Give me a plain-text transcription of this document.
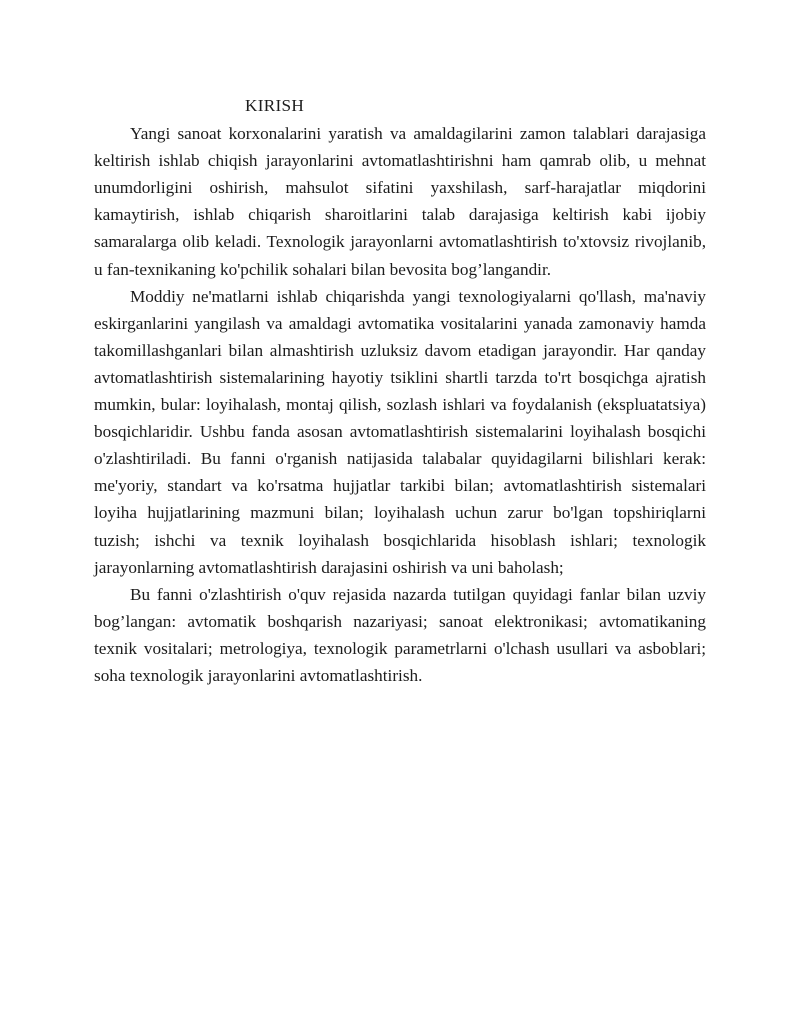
KIRISH

Yangi sanoat korxonalarini yaratish va amaldagilarini zamon talablari darajasiga keltirish ishlab chiqish jarayonlarini avtomatlashtirishni ham qamrab olib, u mehnat unumdorligini oshirish, mahsulot sifatini yaxshilash, sarf-harajatlar miqdorini kamaytirish, ishlab chiqarish sharoitlarini talab darajasiga keltirish kabi ijobiy samaralarga olib keladi. Texnologik jarayonlarni avtomatlashtirish to'xtovsiz rivojlanib, u fan-texnikaning ko'pchilik sohalari bilan bevosita bog’langandir.

Moddiy ne'matlarni ishlab chiqarishda yangi texnologiyalarni qo'llash, ma'naviy eskirganlarini yangilash va amaldagi avtomatika vositalarini yanada zamonaviy hamda takomillashganlari bilan almashtirish uzluksiz davom etadigan jarayondir. Har qanday avtomatlashtirish sistemalarining hayotiy tsiklini shartli tarzda to'rt bosqichga ajratish mumkin, bular: loyihalash, montaj qilish, sozlash ishlari va foydalanish (ekspluatatsiya) bosqichlaridir. Ushbu fanda asosan avtomatlashtirish sistemalarini loyihalash bosqichi o'zlashtiriladi. Bu fanni o'rganish natijasida talabalar quyidagilarni bilishlari kerak: me'yoriy, standart va ko'rsatma hujjatlar tarkibi bilan; avtomatlashtirish sistemalari loyiha hujjatlarining mazmuni bilan; loyihalash uchun zarur bo'lgan topshiriqlarni tuzish; ishchi va texnik loyihalash bosqichlarida hisoblash ishlari; texnologik jarayonlarning avtomatlashtirish darajasini oshirish va uni baholash;

Bu fanni o'zlashtirish o'quv rejasida nazarda tutilgan quyidagi fanlar bilan uzviy bog’langan: avtomatik boshqarish nazariyasi; sanoat elektronikasi; avtomatikaning texnik vositalari; metrologiya, texnologik parametrlarni o'lchash usullari va asboblari; soha texnologik jarayonlarini avtomatlashtirish.
